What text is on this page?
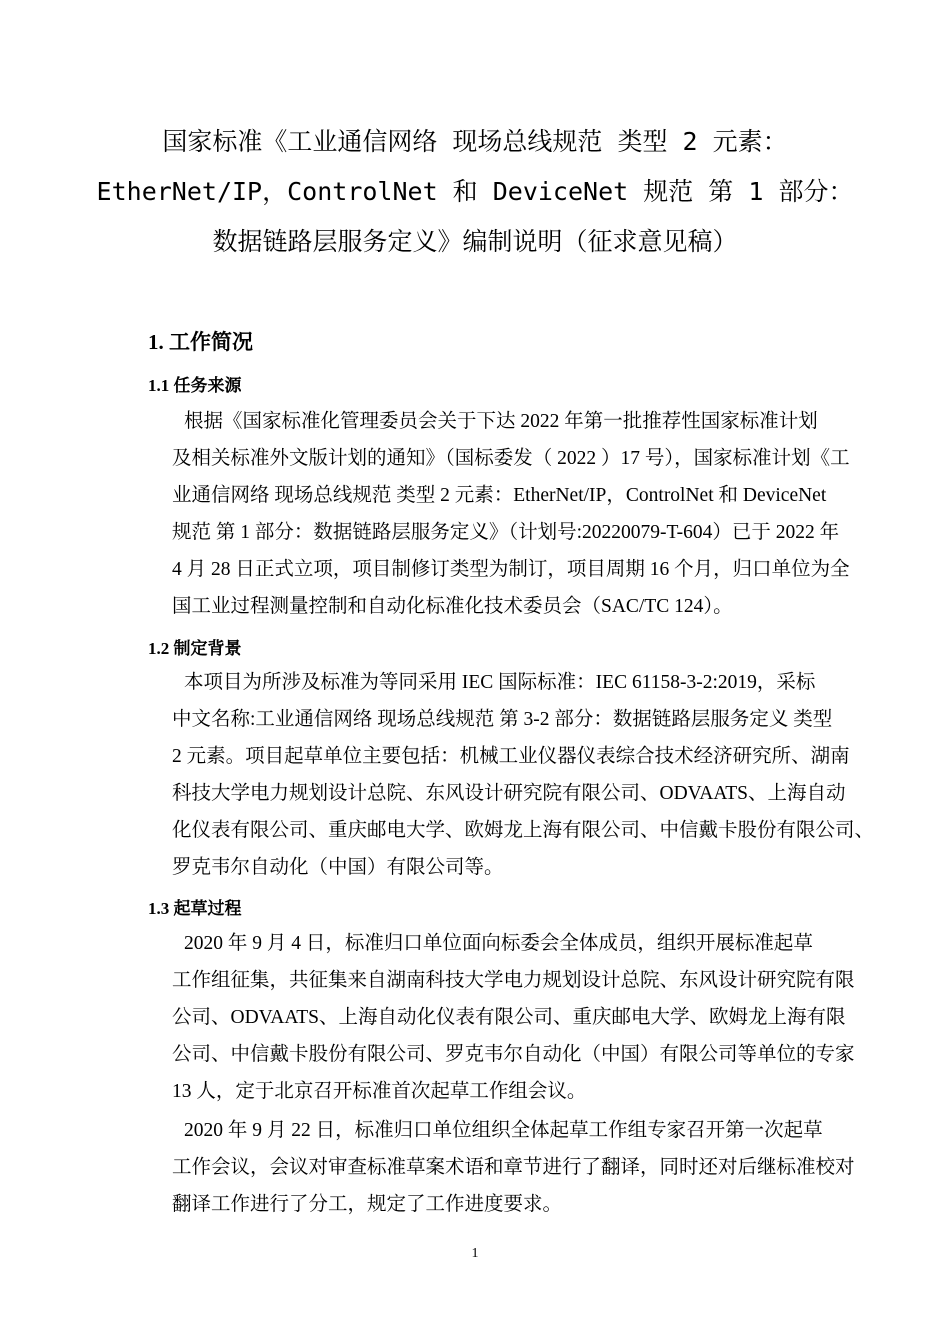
国家标准《工业通信网络 现场总线规范 类型 2 元素：
EtherNet/IP，ControlNet 和 DeviceNet 规范 第 1 部分：
数据链路层服务定义》编制说明（征求意见稿）
1. 工作简况
1.1 任务来源
根据《国家标准化管理委员会关于下达 2022 年第一批推荐性国家标准计划
及相关标准外文版计划的通知》（国标委发（ 2022 ）17 号），国家标准计划《工
业通信网络 现场总线规范 类型 2 元素：EtherNet/IP，ControlNet 和 DeviceNet
规范 第 1 部分：数据链路层服务定义》（计划号:20220079-T-604）已于 2022 年
4 月 28 日正式立项，项目制修订类型为制订，项目周期 16 个月，归口单位为全
国工业过程测量控制和自动化标准化技术委员会（SAC/TC 124）。
1.2 制定背景
本项目为所涉及标准为等同采用 IEC 国际标准：IEC 61158-3-2:2019，采标
中文名称:工业通信网络 现场总线规范 第 3-2 部分：数据链路层服务定义 类型
2 元素。项目起草单位主要包括：机械工业仪器仪表综合技术经济研究所、湖南
科技大学电力规划设计总院、东风设计研究院有限公司、ODVAATS、上海自动
化仪表有限公司、重庆邮电大学、欧姆龙上海有限公司、中信戴卡股份有限公司、
罗克韦尔自动化（中国）有限公司等。
1.3 起草过程
2020 年 9 月 4 日，标准归口单位面向标委会全体成员，组织开展标准起草
工作组征集，共征集来自湖南科技大学电力规划设计总院、东风设计研究院有限
公司、ODVAATS、上海自动化仪表有限公司、重庆邮电大学、欧姆龙上海有限
公司、中信戴卡股份有限公司、罗克韦尔自动化（中国）有限公司等单位的专家
13 人，定于北京召开标准首次起草工作组会议。
2020 年 9 月 22 日，标准归口单位组织全体起草工作组专家召开第一次起草
工作会议，会议对审查标准草案术语和章节进行了翻译，同时还对后继标准校对
翻译工作进行了分工，规定了工作进度要求。
1
